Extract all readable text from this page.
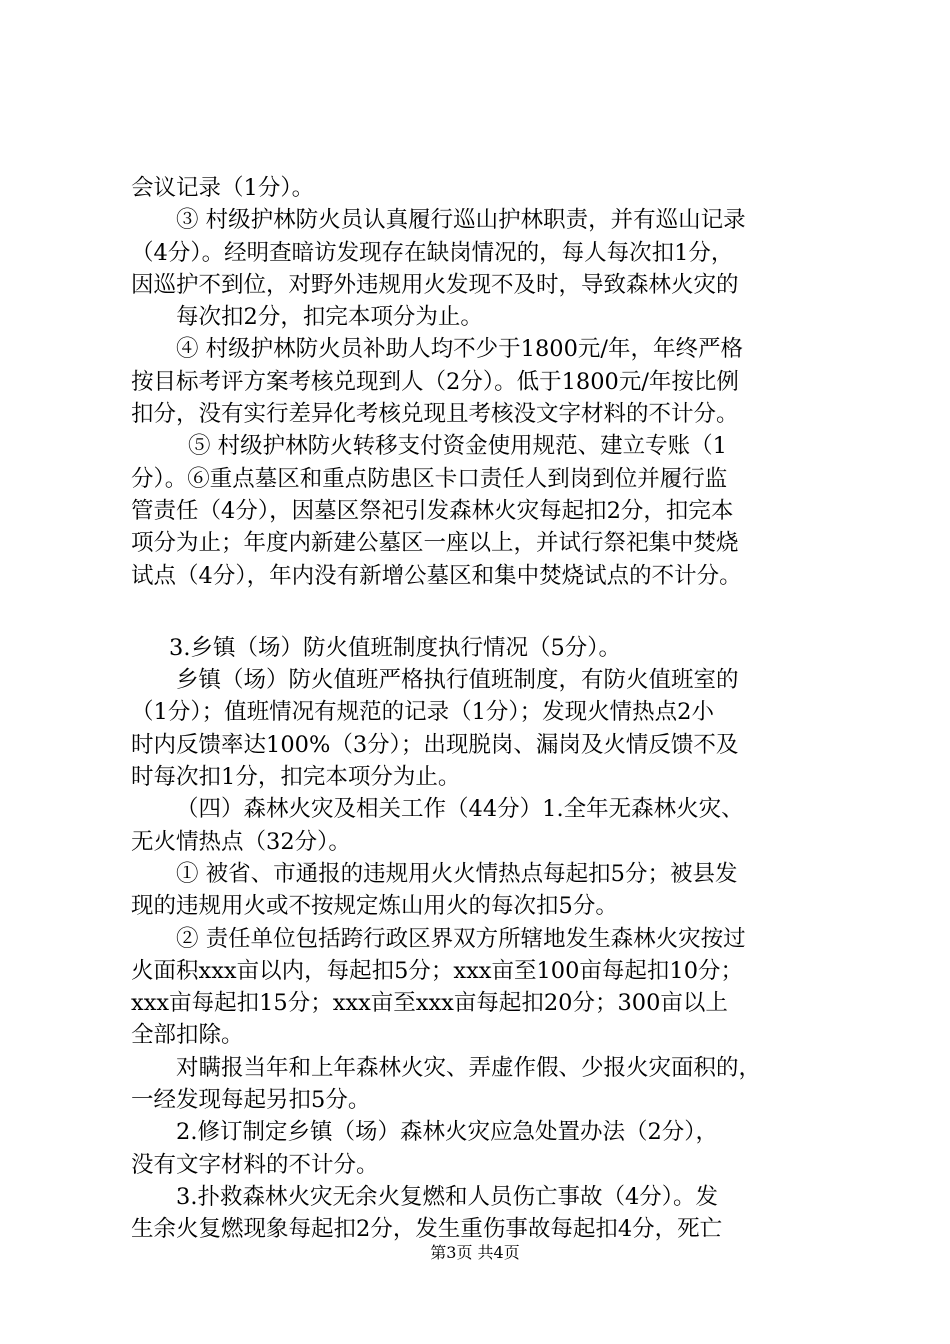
会议记录（1分）。
③ 村级护林防火员认真履行巡山护林职责，并有巡山记录
（4分）。经明查暗访发现存在缺岗情况的，每人每次扣1分，
因巡护不到位，对野外违规用火发现不及时，导致森林火灾的
每次扣2分，扣完本项分为止。
④ 村级护林防火员补助人均不少于1800元/年，年终严格
按目标考评方案考核兑现到人（2分）。低于1800元/年按比例
扣分，没有实行差异化考核兑现且考核没文字材料的不计分。
⑤ 村级护林防火转移支付资金使用规范、建立专账（1
分）。⑥重点墓区和重点防患区卡口责任人到岗到位并履行监
管责任（4分），因墓区祭祀引发森林火灾每起扣2分，扣完本
项分为止；年度内新建公墓区一座以上，并试行祭祀集中焚烧
试点（4分），年内没有新增公墓区和集中焚烧试点的不计分。
3.乡镇（场）防火值班制度执行情况（5分）。
乡镇（场）防火值班严格执行值班制度，有防火值班室的
（1分）；值班情况有规范的记录（1分）；发现火情热点2小
时内反馈率达100%（3分）；出现脱岗、漏岗及火情反馈不及
时每次扣1分，扣完本项分为止。
（四）森林火灾及相关工作（44分）1.全年无森林火灾、
无火情热点（32分）。
① 被省、市通报的违规用火火情热点每起扣5分；被县发
现的违规用火或不按规定炼山用火的每次扣5分。
② 责任单位包括跨行政区界双方所辖地发生森林火灾按过
火面积xxx亩以内，每起扣5分；xxx亩至100亩每起扣10分；
xxx亩每起扣15分；xxx亩至xxx亩每起扣20分；300亩以上
全部扣除。
对瞒报当年和上年森林火灾、弄虚作假、少报火灾面积的，
一经发现每起另扣5分。
2.修订制定乡镇（场）森林火灾应急处置办法（2分），
没有文字材料的不计分。
3.扑救森林火灾无余火复燃和人员伤亡事故（4分）。发
生余火复燃现象每起扣2分，发生重伤事故每起扣4分，死亡
第3页 共4页
